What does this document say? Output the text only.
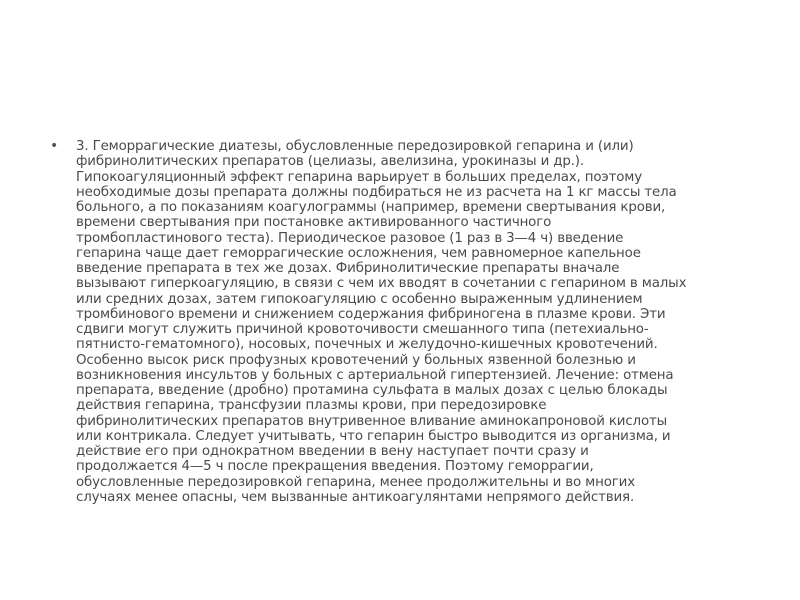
• 3. Геморрагические диатезы, обусловленные передозировкой гепарина и (или)
фибринолитических препаратов (целиазы, авелизина, урокиназы и др.).
Гипокоагуляционный эффект гепарина варьирует в больших пределах, поэтому
необходимые дозы препарата должны подбираться не из расчета на 1 кг массы тела
больного, а по показаниям коагулограммы (например, времени свертывания крови,
времени свертывания при постановке активированного частичного
тромбопластинового теста). Периодическое разовое (1 раз в 3—4 ч) введение
гепарина чаще дает геморрагические осложнения, чем равномерное капельное
введение препарата в тех же дозах. Фибринолитические препараты вначале
вызывают гиперкоагуляцию, в связи с чем их вводят в сочетании с гепарином в малых
или средних дозах, затем гипокоагуляцию с особенно выраженным удлинением
тромбинового времени и снижением содержания фибриногена в плазме крови. Эти
сдвиги могут служить причиной кровоточивости смешанного типа (петехиально-
пятнисто-гематомного), носовых, почечных и желудочно-кишечных кровотечений.
Особенно высок риск профузных кровотечений у больных язвенной болезнью и
возникновения инсультов у больных с артериальной гипертензией. Лечение: отмена
препарата, введение (дробно) протамина сульфата в малых дозах с целью блокады
действия гепарина, трансфузии плазмы крови, при передозировке
фибринолитических препаратов внутривенное вливание аминокапроновой кислоты
или контрикала. Следует учитывать, что гепарин быстро выводится из организма, и
действие его при однократном введении в вену наступает почти сразу и
продолжается 4—5 ч после прекращения введения. Поэтому геморрагии,
обусловленные передозировкой гепарина, менее продолжительны и во многих
случаях менее опасны, чем вызванные антикоагулянтами непрямого действия.
